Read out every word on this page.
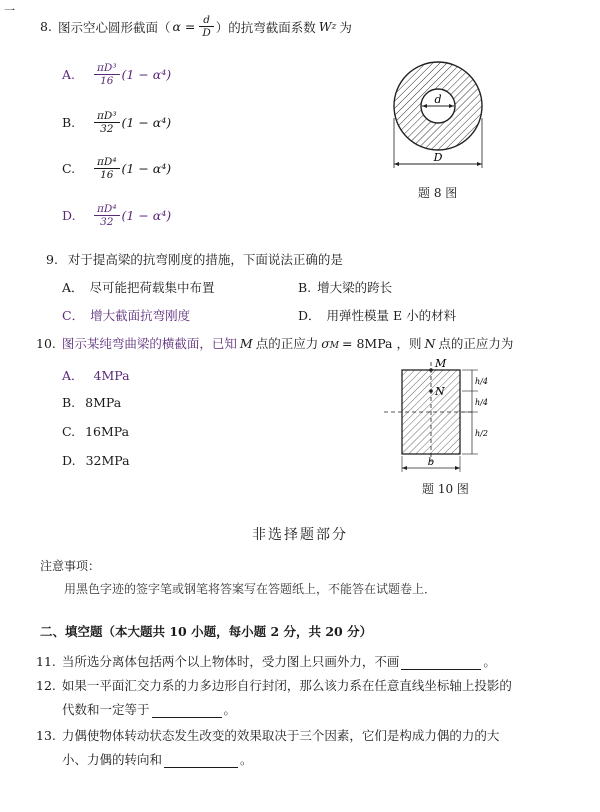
一
8. 图示空心圆形截面（ $\alpha = \frac{d}{D}$ ）的抗弯截面系数 W z 为
A.	$\frac{\text{πD³}}{16} (1 - \alpha^4)$
B.	$\frac{\text{πD³}}{32} (1 - \alpha^4)$
C.	$\frac{\text{πD⁴}}{16} (1 - \alpha^4)$
D.	$\frac{\text{πD⁴}}{32} (1 - \alpha^4)$
d
D
题 8 图
9. 对于提高梁的抗弯刚度的措施，下面说法正确的是
A． 尽可能把荷载集中布置	B. 增大梁的跨长
C． 增大截面抗弯刚度	D． 用弹性模量 E 小的材料
10. 图示某纯弯曲梁的横截面，已知 M 点的正应力 $\sigma_M = 8MPa$ ，则 N 点的正应力为
A． 4MPa
B. 8MPa
C. 16MPa
D. 32MPa
M
N
h/4
h/4
h/2
b
题 10 图
非选择题部分
注意事项：
用黑色字迹的签字笔或钢笔将答案写在答题纸上，不能答在试题卷上．
二、填空题（本大题共 10 小题，每小题 2 分，共 20 分）
11. 当所选分离体包括两个以上物体时，受力图上只画外力，不画	。
12. 如果一平面汇交力系的力多边形自行封闭，那么该力系在任意直线坐标轴上投影的
代数和一定等于	。
13. 力偶使物体转动状态发生改变的效果取决于三个因素，它们是构成力偶的力的大
小、力偶的转向和	。
